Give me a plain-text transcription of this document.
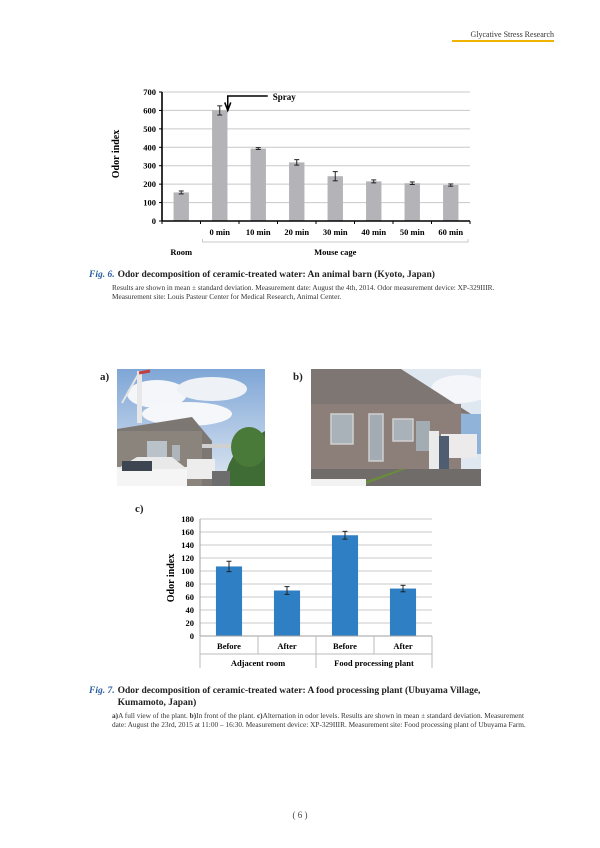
Glycative Stress Research
Odor index
0
100
200
300
400
500
600
700
0 min 10 min 20 min 30 min 40 min 50 min 60 min
Room	Mouse cage
Spray
Fig. 6. Odor decomposition of ceramic-treated water: An animal barn (Kyoto, Japan)
Results are shown in mean ± standard deviation. Measurement date: August the 4th, 2014. Odor measurement device: XP-329IIIR. Measurement site: Louis Pasteur Center for Medical Research, Animal Center.
a)	b)
c)
Odor index
0
20
40
60
80
100
120
140
160
180
Before	After	Before	After
Adjacent room	Food processing plant
Fig. 7. Odor decomposition of ceramic-treated water: A food processing plant (Ubuyama Village, Kumamoto, Japan)
a)A full view of the plant. b)In front of the plant. c)Alternation in odor levels. Results are shown in mean ± standard deviation. Measurement date: August the 23rd, 2015 at 11:00 – 16:30. Measurement device: XP-329IIIR. Measurement site: Food processing plant of Ubuyama Farm.
( 6 )
